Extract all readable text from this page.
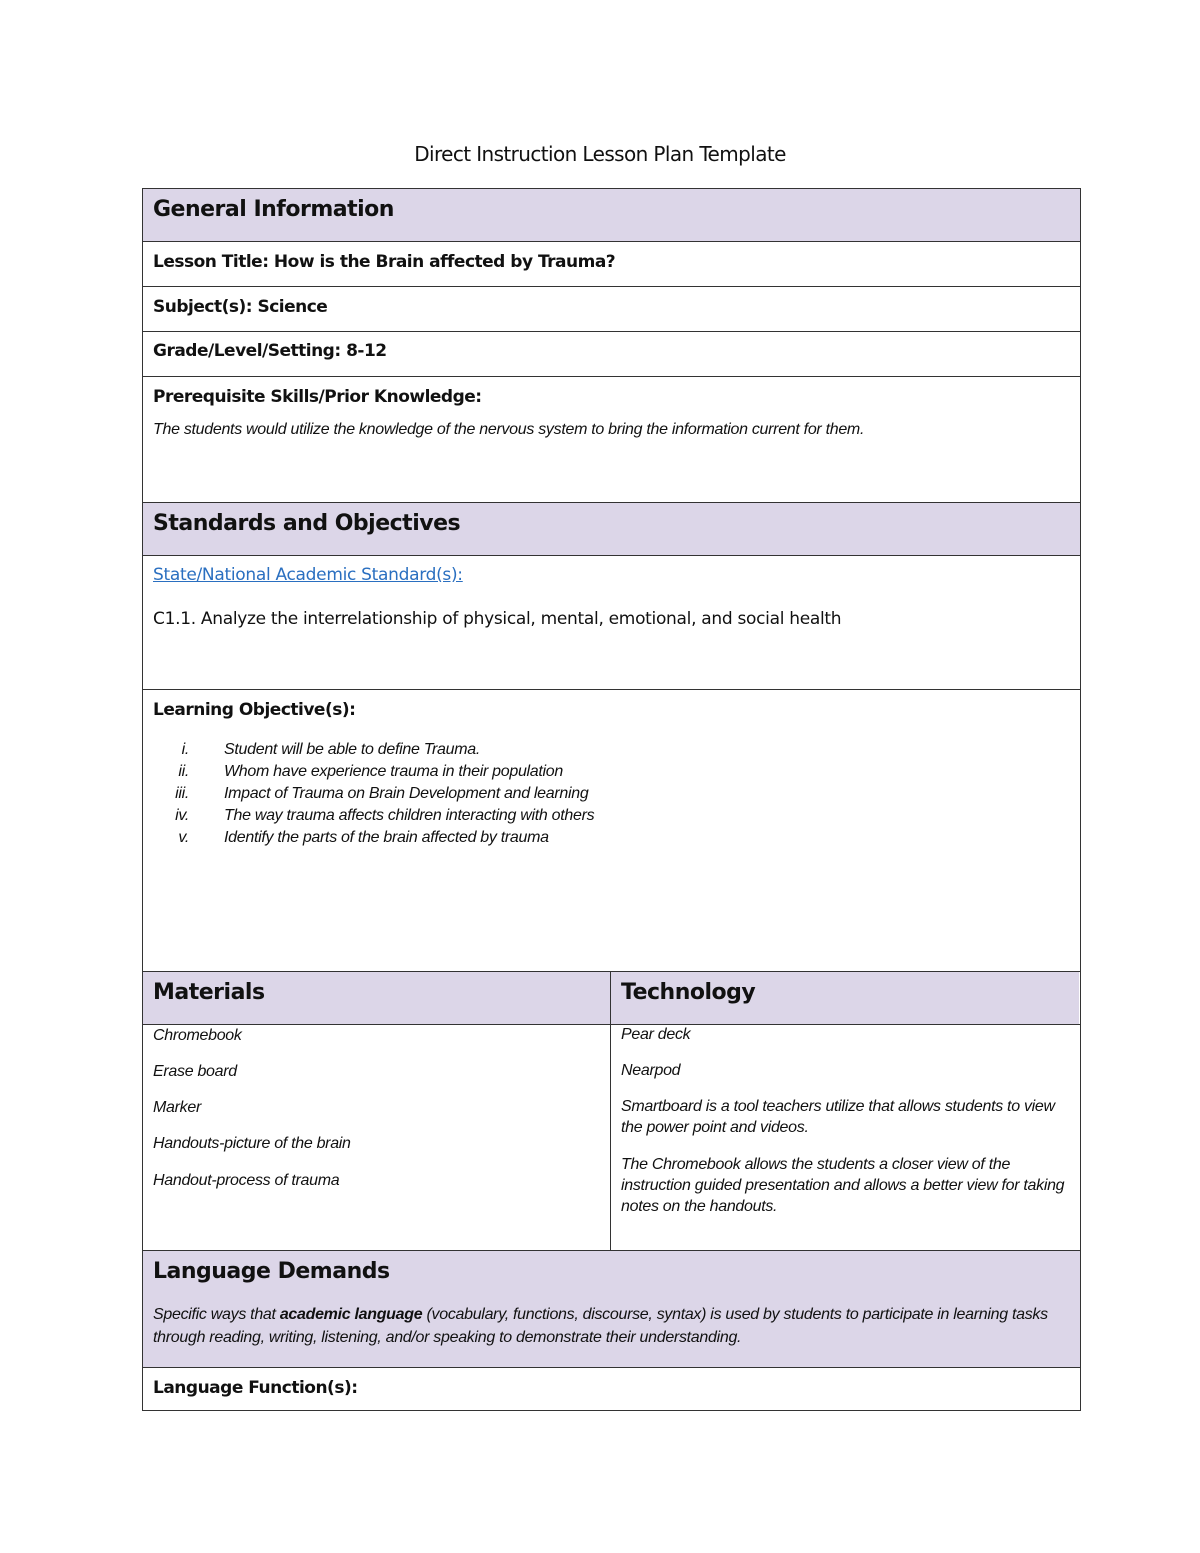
Direct Instruction Lesson Plan Template
General Information
Lesson Title: How is the Brain affected by Trauma?
Subject(s): Science
Grade/Level/Setting: 8-12
Prerequisite Skills/Prior Knowledge:
The students would utilize the knowledge of the nervous system to bring the information current for them.
Standards and Objectives
State/National Academic Standard(s):
C1.1. Analyze the interrelationship of physical, mental, emotional, and social health
Learning Objective(s):
i. Student will be able to define Trauma.
ii. Whom have experience trauma in their population
iii. Impact of Trauma on Brain Development and learning
iv. The way trauma affects children interacting with others
v. Identify the parts of the brain affected by trauma
Materials	Technology
Chromebook
Erase board
Marker
Handouts-picture of the brain
Handout-process of trauma
Pear deck
Nearpod
Smartboard is a tool teachers utilize that allows students to view the power point and videos.
The Chromebook allows the students a closer view of the instruction guided presentation and allows a better view for taking notes on the handouts.
Language Demands
Specific ways that academic language (vocabulary, functions, discourse, syntax) is used by students to participate in learning tasks through reading, writing, listening, and/or speaking to demonstrate their understanding.
Language Function(s):
